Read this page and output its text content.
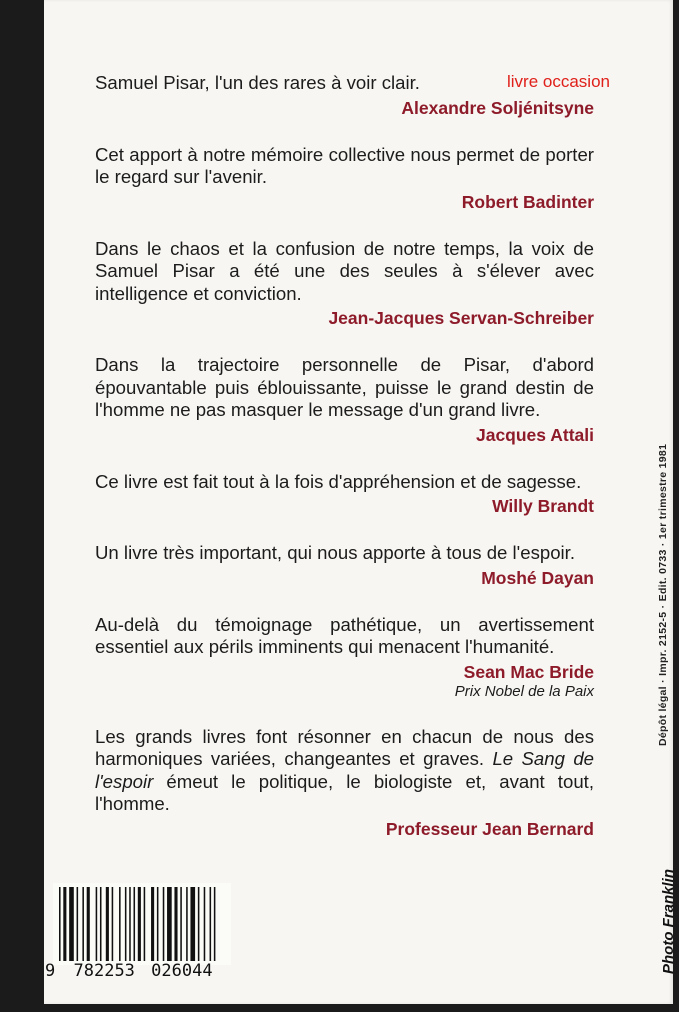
livre occasion
Samuel Pisar, l'un des rares à voir clair.
Alexandre Soljénitsyne
Cet apport à notre mémoire collective nous permet de porter le regard sur l'avenir.
Robert Badinter
Dans le chaos et la confusion de notre temps, la voix de Samuel Pisar a été une des seules à s'élever avec intelligence et conviction.
Jean-Jacques Servan-Schreiber
Dans la trajectoire personnelle de Pisar, d'abord épouvantable puis éblouissante, puisse le grand destin de l'homme ne pas masquer le message d'un grand livre.
Jacques Attali
Ce livre est fait tout à la fois d'appréhension et de sagesse.
Willy Brandt
Un livre très important, qui nous apporte à tous de l'espoir.
Moshé Dayan
Au-delà du témoignage pathétique, un avertissement essentiel aux périls imminents qui menacent l'humanité.
Sean Mac Bride
Prix Nobel de la Paix
Les grands livres font résonner en chacun de nous des harmoniques variées, changeantes et graves. Le Sang de l'espoir émeut le politique, le biologiste et, avant tout, l'homme.
Professeur Jean Bernard
Dépôt légal · Impr. 2152-5 · Edit. 0733 · 1er trimestre 1981
Photo Franklin
9 782253 026044
